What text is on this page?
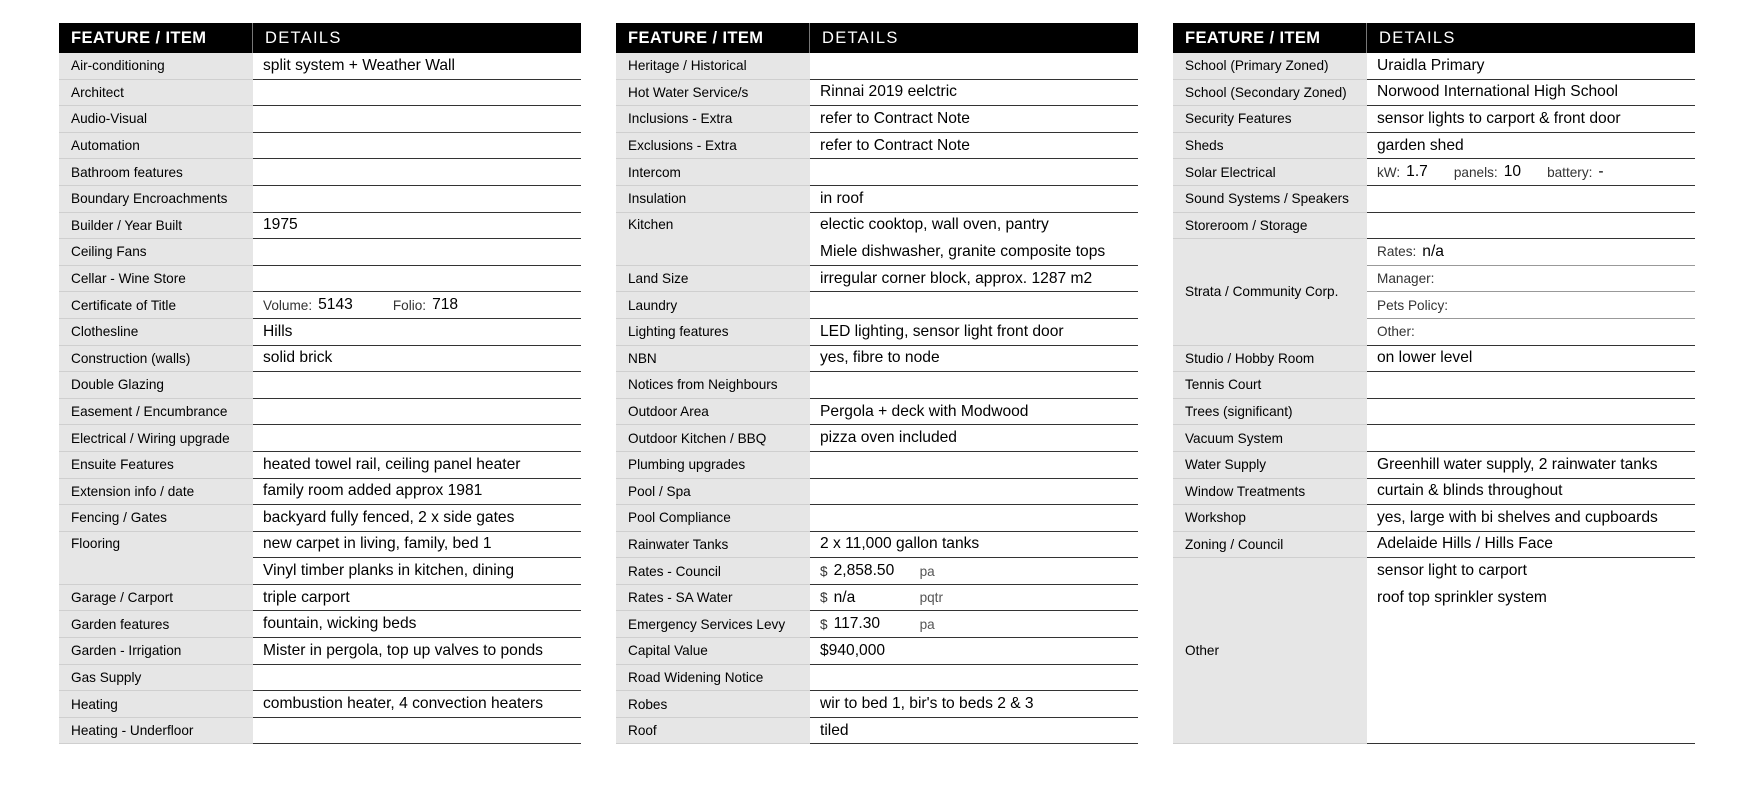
FEATURE / ITEM	DETAILS
Air-conditioning	split system + Weather Wall
Architect
Audio-Visual
Automation
Bathroom features
Boundary Encroachments
Builder / Year Built	1975
Ceiling Fans
Cellar - Wine Store
Certificate of Title	Volume: 5143	Folio: 718
Clothesline	Hills
Construction (walls)	solid brick
Double Glazing
Easement / Encumbrance
Electrical / Wiring upgrade
Ensuite Features	heated towel rail, ceiling panel heater
Extension info / date	family room added approx 1981
Fencing / Gates	backyard fully fenced, 2 x side gates
Flooring	new carpet in living, family, bed 1
Vinyl timber planks in kitchen, dining
Garage / Carport	triple carport
Garden features	fountain, wicking beds
Garden - Irrigation	Mister in pergola, top up valves to ponds
Gas Supply
Heating	combustion heater, 4 convection heaters
Heating - Underfloor
FEATURE / ITEM	DETAILS
Heritage / Historical
Hot Water Service/s	Rinnai 2019 eelctric
Inclusions - Extra	refer to Contract Note
Exclusions - Extra	refer to Contract Note
Intercom
Insulation	in roof
Kitchen	electic cooktop, wall oven, pantry
Miele dishwasher, granite composite tops
Land Size	irregular corner block, approx. 1287 m2
Laundry
Lighting features	LED lighting, sensor light front door
NBN	yes, fibre to node
Notices from Neighbours
Outdoor Area	Pergola + deck with Modwood
Outdoor Kitchen / BBQ	pizza oven included
Plumbing upgrades
Pool / Spa
Pool Compliance
Rainwater Tanks	2 x 11,000 gallon tanks
Rates - Council	$ 2,858.50	pa
Rates - SA Water	$ n/a	pqtr
Emergency Services Levy	$ 117.30	pa
Capital Value	$940,000
Road Widening Notice
Robes	wir to bed 1, bir's to beds 2 & 3
Roof	tiled
FEATURE / ITEM	DETAILS
School (Primary Zoned)	Uraidla Primary
School (Secondary Zoned)	Norwood International High School
Security Features	sensor lights to carport & front door
Sheds	garden shed
Solar Electrical	kW: 1.7 panels: 10 battery: -
Sound Systems / Speakers
Storeroom / Storage
Strata / Community Corp.
Rates: n/a
Manager:
Pets Policy:
Other:
Studio / Hobby Room	on lower level
Tennis Court
Trees (significant)
Vacuum System
Water Supply	Greenhill water supply, 2 rainwater tanks
Window Treatments	curtain & blinds throughout
Workshop	yes, large with bi shelves and cupboards
Zoning / Council	Adelaide Hills / Hills Face
Other
sensor light to carport
roof top sprinkler system
